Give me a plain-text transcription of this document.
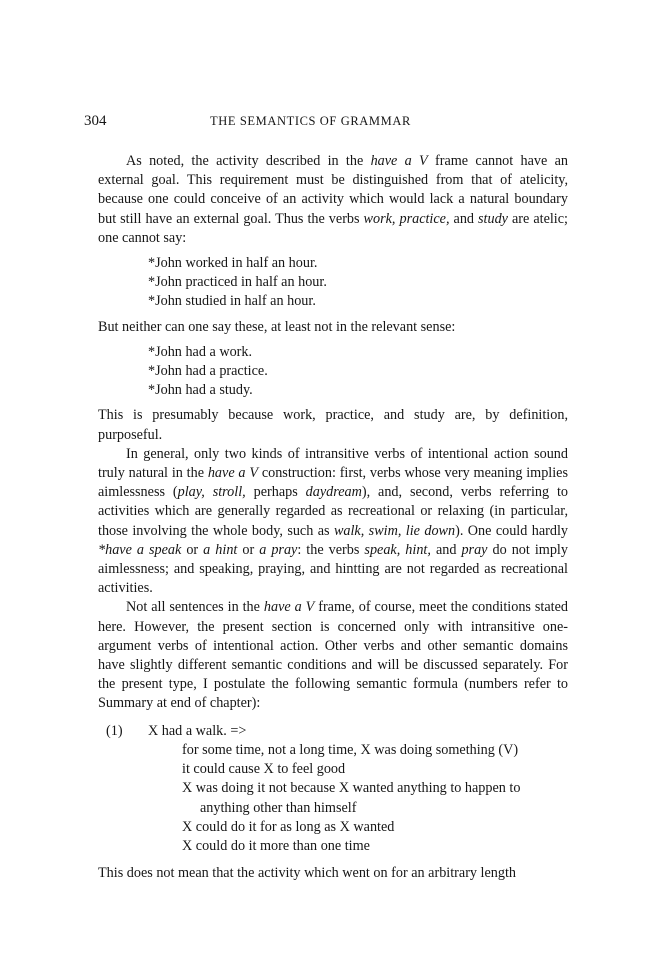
304	THE SEMANTICS OF GRAMMAR

As noted, the activity described in the have a V frame cannot have an external goal. This requirement must be distinguished from that of atelicity, because one could conceive of an activity which would lack a natural boundary but still have an external goal. Thus the verbs work, practice, and study are atelic; one cannot say:

*John worked in half an hour.
*John practiced in half an hour.
*John studied in half an hour.

But neither can one say these, at least not in the relevant sense:

*John had a work.
*John had a practice.
*John had a study.

This is presumably because work, practice, and study are, by definition, purposeful.

In general, only two kinds of intransitive verbs of intentional action sound truly natural in the have a V construction: first, verbs whose very meaning implies aimlessness (play, stroll, perhaps daydream), and, second, verbs referring to activities which are generally regarded as recreational or relaxing (in particular, those involving the whole body, such as walk, swim, lie down). One could hardly *have a speak or a hint or a pray: the verbs speak, hint, and pray do not imply aimlessness; and speaking, praying, and hintting are not regarded as recreational activities.

Not all sentences in the have a V frame, of course, meet the conditions stated here. However, the present section is concerned only with intransitive one-argument verbs of intentional action. Other verbs and other semantic domains have slightly different semantic conditions and will be discussed separately. For the present type, I postulate the following semantic formula (numbers refer to Summary at end of chapter):

(1)	X had a walk. =>
for some time, not a long time, X was doing something (V)
it could cause X to feel good
X was doing it not because X wanted anything to happen to
anything other than himself
X could do it for as long as X wanted
X could do it more than one time

This does not mean that the activity which went on for an arbitrary length
